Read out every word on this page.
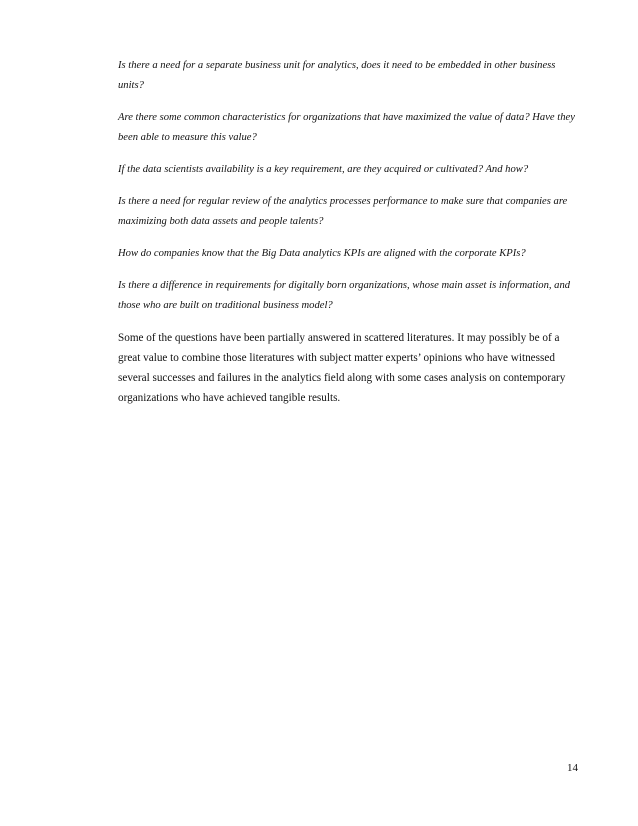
Is there a need for a separate business unit for analytics, does it need to be embedded in other business units?

Are there some common characteristics for organizations that have maximized the value of data? Have they been able to measure this value?

If the data scientists availability is a key requirement, are they acquired or cultivated? And how?

Is there a need for regular review of the analytics processes performance to make sure that companies are maximizing both data assets and people talents?

How do companies know that the Big Data analytics KPIs are aligned with the corporate KPIs?

Is there a difference in requirements for digitally born organizations, whose main asset is information, and those who are built on traditional business model?

Some of the questions have been partially answered in scattered literatures. It may possibly be of a great value to combine those literatures with subject matter experts’ opinions who have witnessed several successes and failures in the analytics field along with some cases analysis on contemporary organizations who have achieved tangible results.

14
